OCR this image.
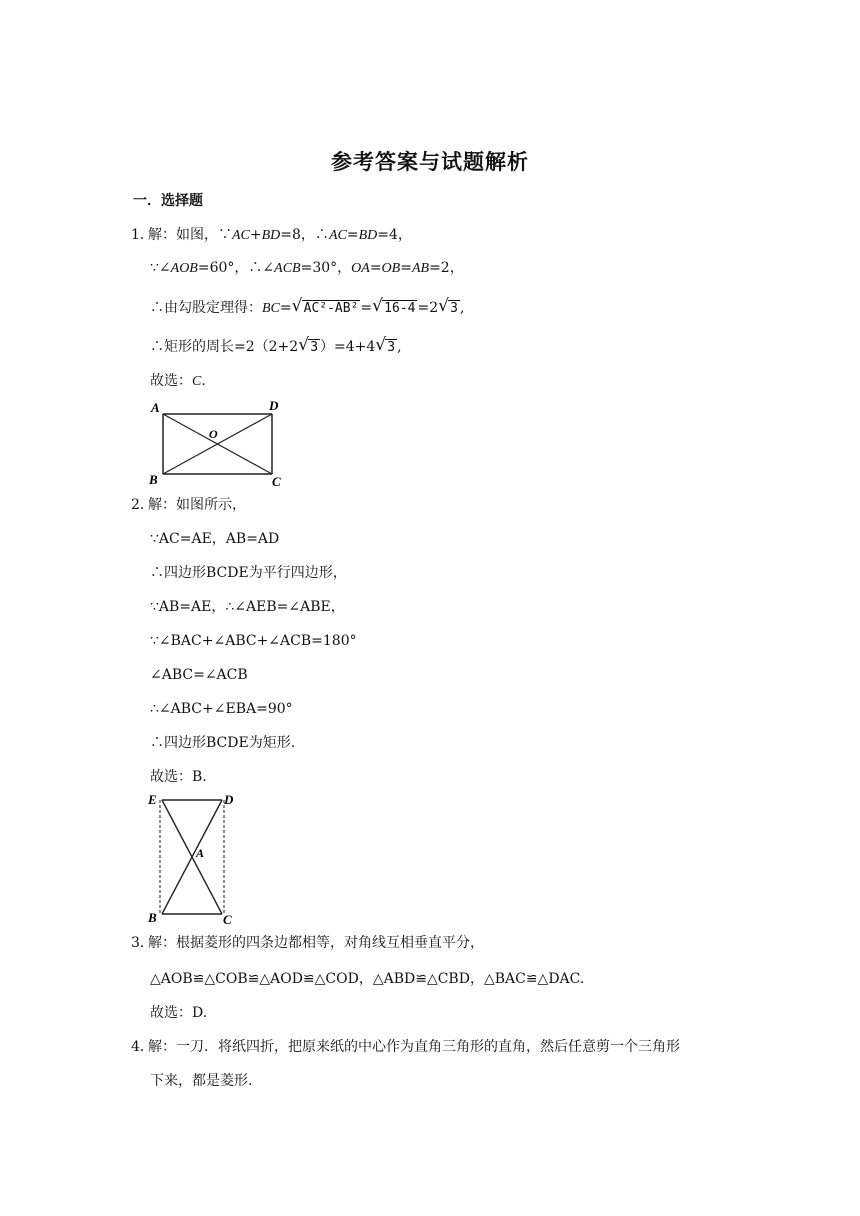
参考答案与试题解析
一．选择题
1．
解：如图，∵AC+BD=8，∴AC=BD=4，
∵∠AOB=60°，∴∠ACB=30°，OA=OB=AB=2，
∴由勾股定理得：BC= √ AC²-AB² = √ 16-4 =2 √ 3 ,
∴矩形的周长=2（2+2 √ 3 ）=4+4 √ 3 ,
故选：C.
A	D
O
B	C
2．
解：如图所示，
∵AC=AE，AB=AD
∴四边形BCDE为平行四边形，
∵AB=AE，∴∠AEB=∠ABE，
∵∠BAC+∠ABC+∠ACB=180°
∠ABC=∠ACB
∴∠ABC+∠EBA=90°
∴四边形BCDE为矩形.
故选：B.
E	D
A
B	C
3．
解：根据菱形的四条边都相等，对角线互相垂直平分，
△AOB≌△COB≌△AOD≌△COD，△ABD≌△CBD，△BAC≌△DAC.
故选：D.
4．
解：一刀．将纸四折，把原来纸的中心作为直角三角形的直角，然后任意剪一个三角形
下来，都是菱形.
